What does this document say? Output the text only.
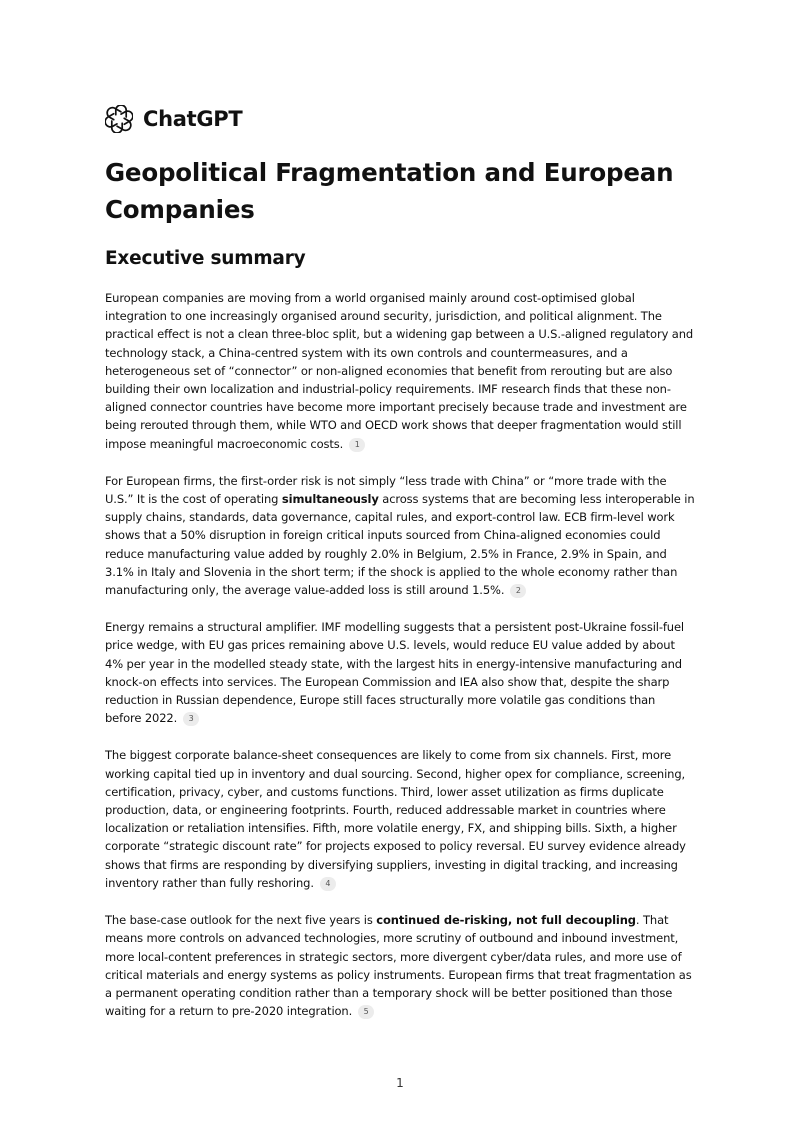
ChatGPT
Geopolitical Fragmentation and European Companies
Executive summary

European companies are moving from a world organised mainly around cost-optimised global integration to one increasingly organised around security, jurisdiction, and political alignment. The practical effect is not a clean three-bloc split, but a widening gap between a U.S.-aligned regulatory and technology stack, a China-centred system with its own controls and countermeasures, and a heterogeneous set of “connector” or non-aligned economies that benefit from rerouting but are also building their own localization and industrial-policy requirements. IMF research finds that these non-aligned connector countries have become more important precisely because trade and investment are being rerouted through them, while WTO and OECD work shows that deeper fragmentation would still impose meaningful macroeconomic costs. 1

For European firms, the first-order risk is not simply “less trade with China” or “more trade with the U.S.” It is the cost of operating simultaneously across systems that are becoming less interoperable in supply chains, standards, data governance, capital rules, and export-control law. ECB firm-level work shows that a 50% disruption in foreign critical inputs sourced from China-aligned economies could reduce manufacturing value added by roughly 2.0% in Belgium, 2.5% in France, 2.9% in Spain, and 3.1% in Italy and Slovenia in the short term; if the shock is applied to the whole economy rather than manufacturing only, the average value-added loss is still around 1.5%. 2

Energy remains a structural amplifier. IMF modelling suggests that a persistent post-Ukraine fossil-fuel price wedge, with EU gas prices remaining above U.S. levels, would reduce EU value added by about 4% per year in the modelled steady state, with the largest hits in energy-intensive manufacturing and knock-on effects into services. The European Commission and IEA also show that, despite the sharp reduction in Russian dependence, Europe still faces structurally more volatile gas conditions than before 2022. 3

The biggest corporate balance-sheet consequences are likely to come from six channels. First, more working capital tied up in inventory and dual sourcing. Second, higher opex for compliance, screening, certification, privacy, cyber, and customs functions. Third, lower asset utilization as firms duplicate production, data, or engineering footprints. Fourth, reduced addressable market in countries where localization or retaliation intensifies. Fifth, more volatile energy, FX, and shipping bills. Sixth, a higher corporate “strategic discount rate” for projects exposed to policy reversal. EU survey evidence already shows that firms are responding by diversifying suppliers, investing in digital tracking, and increasing inventory rather than fully reshoring. 4

The base-case outlook for the next five years is continued de-risking, not full decoupling. That means more controls on advanced technologies, more scrutiny of outbound and inbound investment, more local-content preferences in strategic sectors, more divergent cyber/data rules, and more use of critical materials and energy systems as policy instruments. European firms that treat fragmentation as a permanent operating condition rather than a temporary shock will be better positioned than those waiting for a return to pre-2020 integration. 5

1
